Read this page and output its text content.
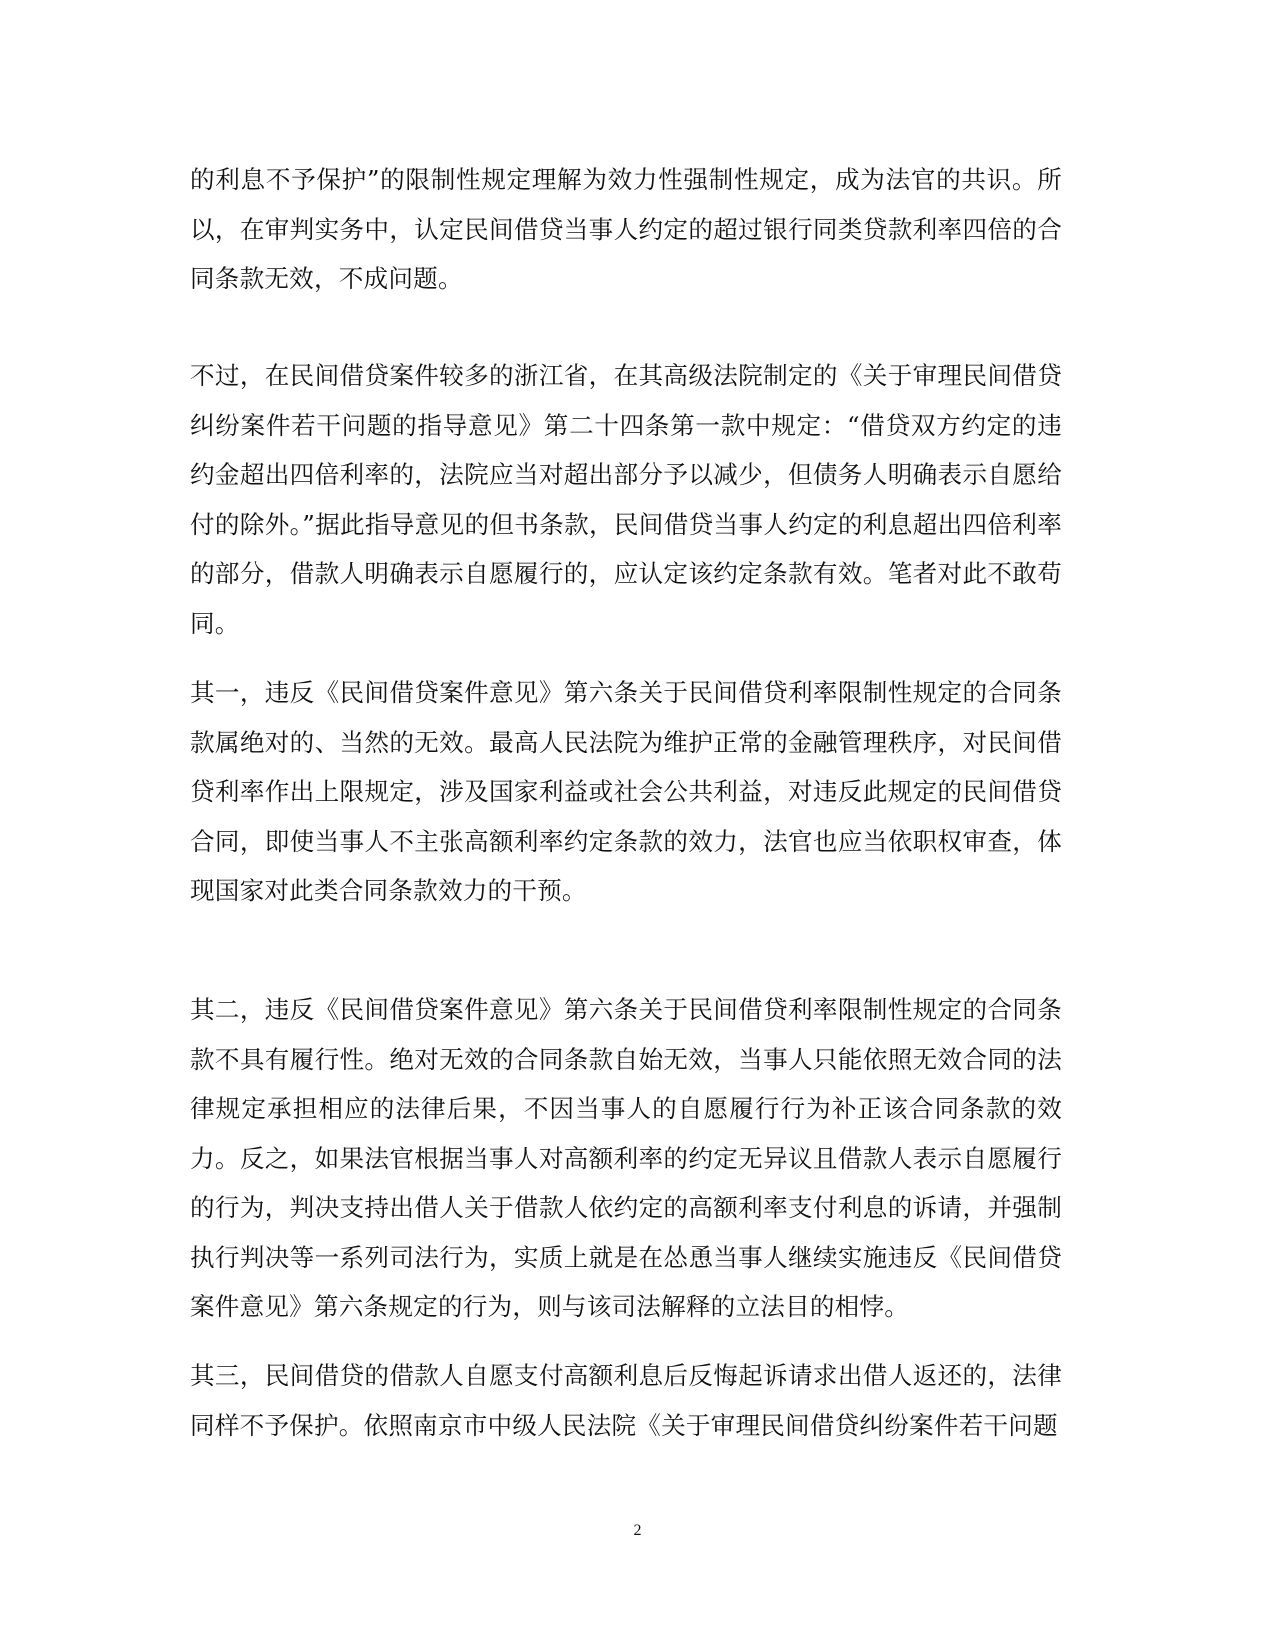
的利息不予保护”的限制性规定理解为效力性强制性规定，成为法官的共识。所以，在审判实务中，认定民间借贷当事人约定的超过银行同类贷款利率四倍的合同条款无效，不成问题。

不过，在民间借贷案件较多的浙江省，在其高级法院制定的《关于审理民间借贷纠纷案件若干问题的指导意见》第二十四条第一款中规定：“借贷双方约定的违约金超出四倍利率的，法院应当对超出部分予以减少，但债务人明确表示自愿给付的除外。”据此指导意见的但书条款，民间借贷当事人约定的利息超出四倍利率的部分，借款人明确表示自愿履行的，应认定该约定条款有效。笔者对此不敢苟同。

其一，违反《民间借贷案件意见》第六条关于民间借贷利率限制性规定的合同条款属绝对的、当然的无效。最高人民法院为维护正常的金融管理秩序，对民间借贷利率作出上限规定，涉及国家利益或社会公共利益，对违反此规定的民间借贷合同，即使当事人不主张高额利率约定条款的效力，法官也应当依职权审查，体现国家对此类合同条款效力的干预。

其二，违反《民间借贷案件意见》第六条关于民间借贷利率限制性规定的合同条款不具有履行性。绝对无效的合同条款自始无效，当事人只能依照无效合同的法律规定承担相应的法律后果，不因当事人的自愿履行行为补正该合同条款的效力。反之，如果法官根据当事人对高额利率的约定无异议且借款人表示自愿履行的行为，判决支持出借人关于借款人依约定的高额利率支付利息的诉请，并强制执行判决等一系列司法行为，实质上就是在怂恿当事人继续实施违反《民间借贷案件意见》第六条规定的行为，则与该司法解释的立法目的相悖。

其三，民间借贷的借款人自愿支付高额利息后反悔起诉请求出借人返还的，法律同样不予保护。依照南京市中级人民法院《关于审理民间借贷纠纷案件若干问题

2
